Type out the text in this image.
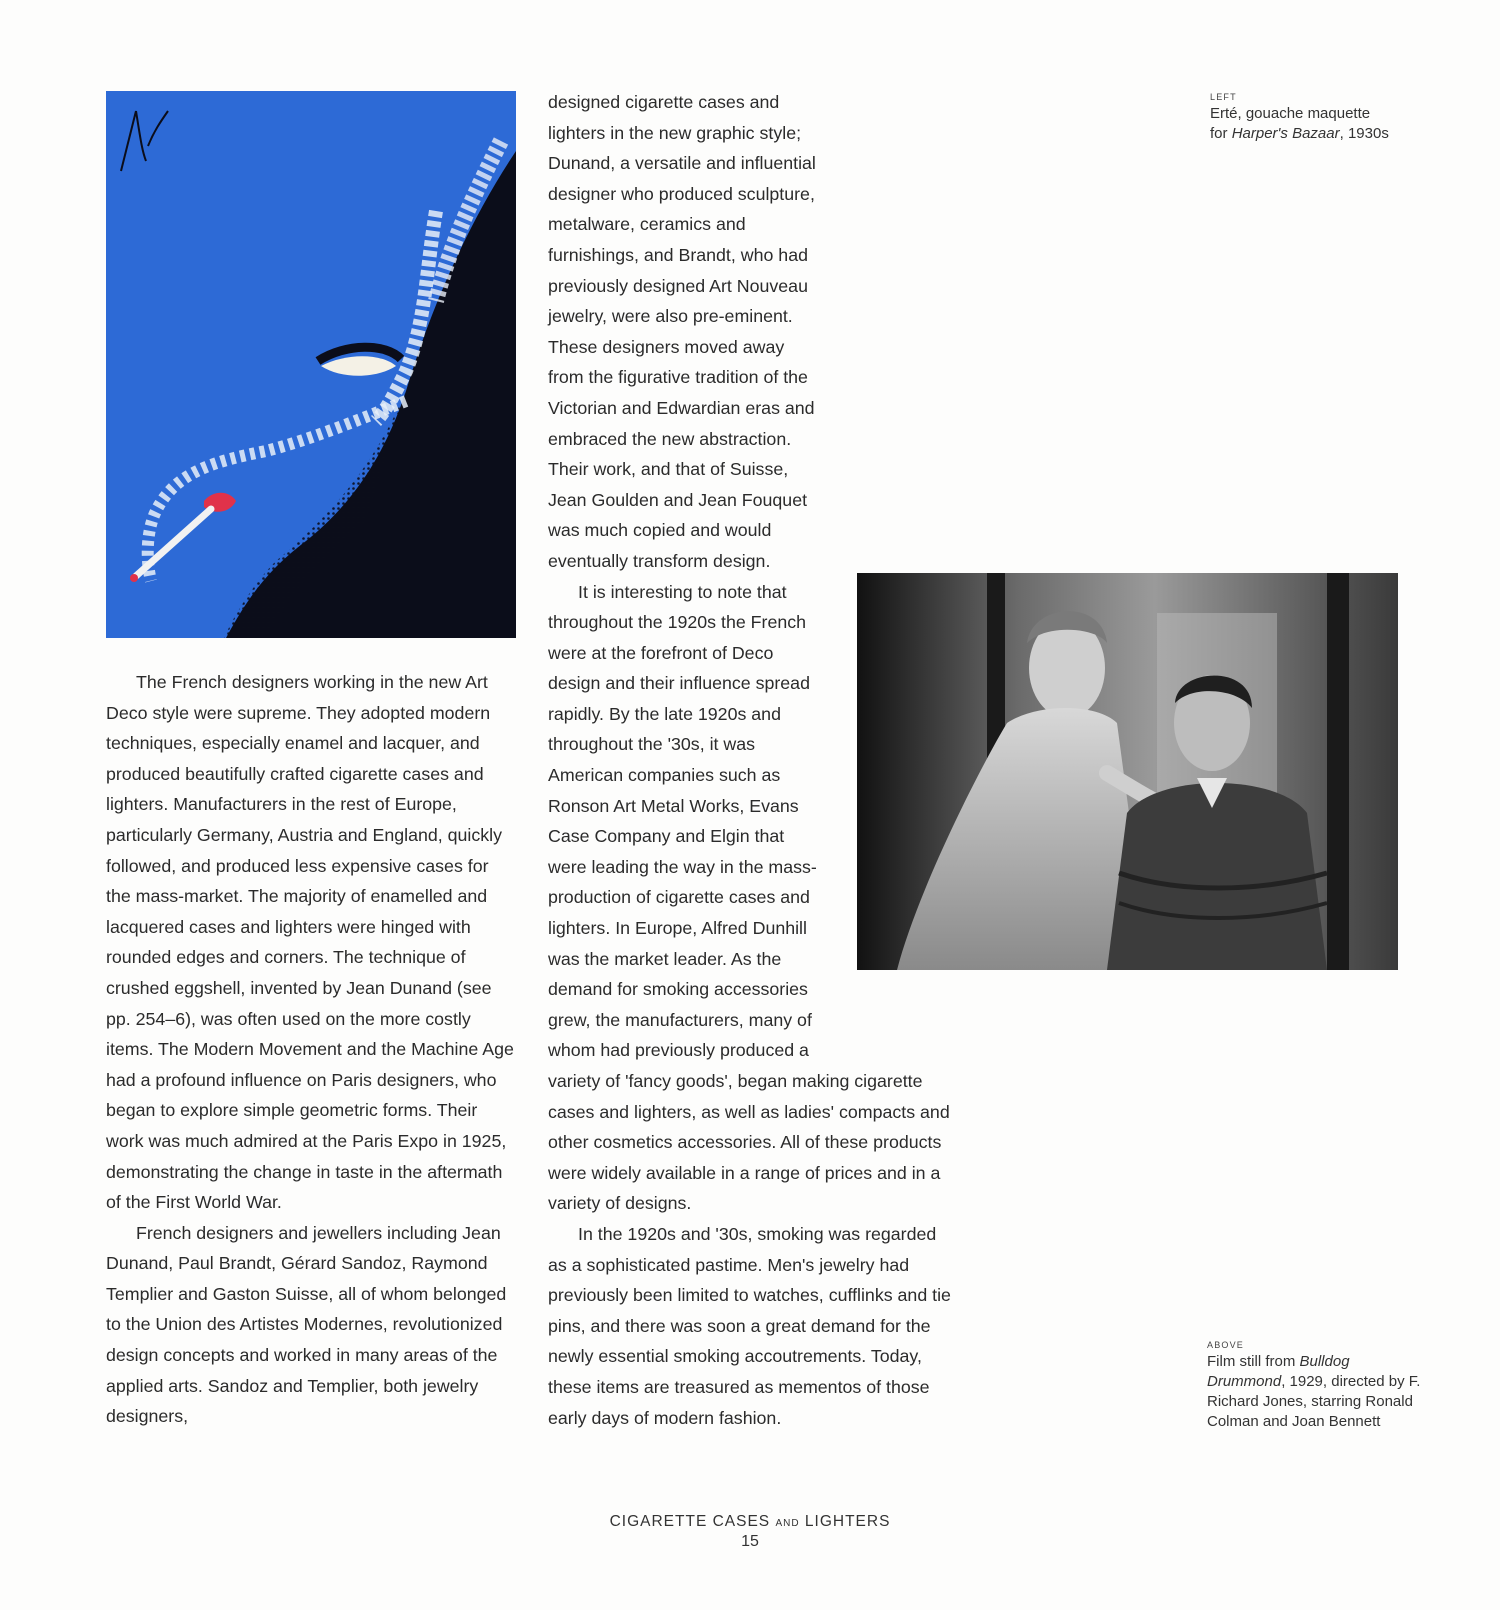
LEFT
Erté, gouache maquette
for Harper's Bazaar, 1930s
ABOVE
Film still from Bulldog Drummond, 1929, directed by F. Richard Jones, starring Ronald Colman and Joan Bennett

The French designers working in the new Art Deco style were supreme. They adopted modern techniques, especially enamel and lacquer, and produced beautifully crafted cigarette cases and lighters. Manufacturers in the rest of Europe, particularly Germany, Austria and England, quickly followed, and produced less expensive cases for the mass-market. The majority of enamelled and lacquered cases and lighters were hinged with rounded edges and corners. The technique of crushed eggshell, invented by Jean Dunand (see pp. 254–6), was often used on the more costly items. The Modern Movement and the Machine Age had a profound influence on Paris designers, who began to explore simple geometric forms. Their work was much admired at the Paris Expo in 1925, demonstrating the change in taste in the aftermath of the First World War.

French designers and jewellers including Jean Dunand, Paul Brandt, Gérard Sandoz, Raymond Templier and Gaston Suisse, all of whom belonged to the Union des Artistes Modernes, revolutionized design concepts and worked in many areas of the applied arts. Sandoz and Templier, both jewelry designers,

designed cigarette cases and lighters in the new graphic style; Dunand, a versatile and influential designer who produced sculpture, metalware, ceramics and furnishings, and Brandt, who had previously designed Art Nouveau jewelry, were also pre-eminent. These designers moved away from the figurative tradition of the Victorian and Edwardian eras and embraced the new abstraction. Their work, and that of Suisse, Jean Goulden and Jean Fouquet was much copied and would eventually transform design.

It is interesting to note that throughout the 1920s the French were at the forefront of Deco design and their influence spread rapidly. By the late 1920s and throughout the '30s, it was American companies such as Ronson Art Metal Works, Evans Case Company and Elgin that were leading the way in the mass-production of cigarette cases and lighters. In Europe, Alfred Dunhill was the market leader. As the demand for smoking accessories grew, the manufacturers, many of whom had previously produced a variety of 'fancy goods', began making cigarette cases and lighters, as well as ladies' compacts and other cosmetics accessories. All of these products were widely available in a range of prices and in a variety of designs.

In the 1920s and '30s, smoking was regarded as a sophisticated pastime. Men's jewelry had previously been limited to watches, cufflinks and tie pins, and there was soon a great demand for the newly essential smoking accoutrements. Today, these items are treasured as mementos of those early days of modern fashion.

CIGARETTE CASES AND LIGHTERS
15
